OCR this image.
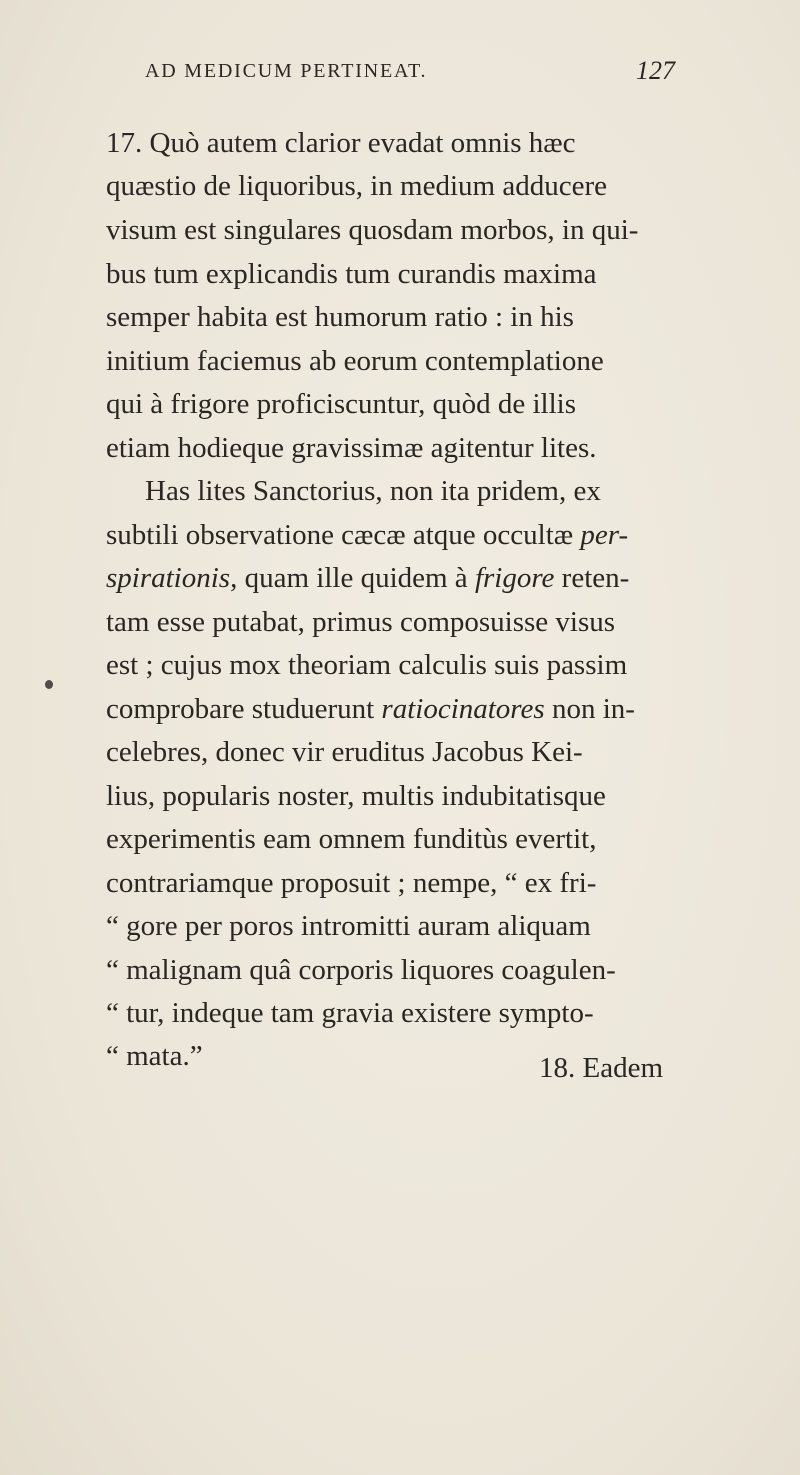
AD MEDICUM PERTINEAT.	127
17. Quò autem clarior evadat omnis hæc
quæstio de liquoribus, in medium adducere
visum est singulares quosdam morbos, in qui-
bus tum explicandis tum curandis maxima
semper habita est humorum ratio : in his
initium faciemus ab eorum contemplatione
qui à frigore proficiscuntur, quòd de illis
etiam hodieque gravissimæ agitentur lites.
Has lites Sanctorius, non ita pridem, ex
subtili observatione cæcæ atque occultæ per-
spirationis, quam ille quidem à frigore reten-
tam esse putabat, primus composuisse visus
est ; cujus mox theoriam calculis suis passim
comprobare studuerunt ratiocinatores non in-
celebres, donec vir eruditus Jacobus Kei-
lius, popularis noster, multis indubitatisque
experimentis eam omnem funditùs evertit,
contrariamque proposuit ; nempe, “ ex fri-
“ gore per poros intromitti auram aliquam
“ malignam quâ corporis liquores coagulen-
“ tur, indeque tam gravia existere sympto-
“ mata.”	18. Eadem
